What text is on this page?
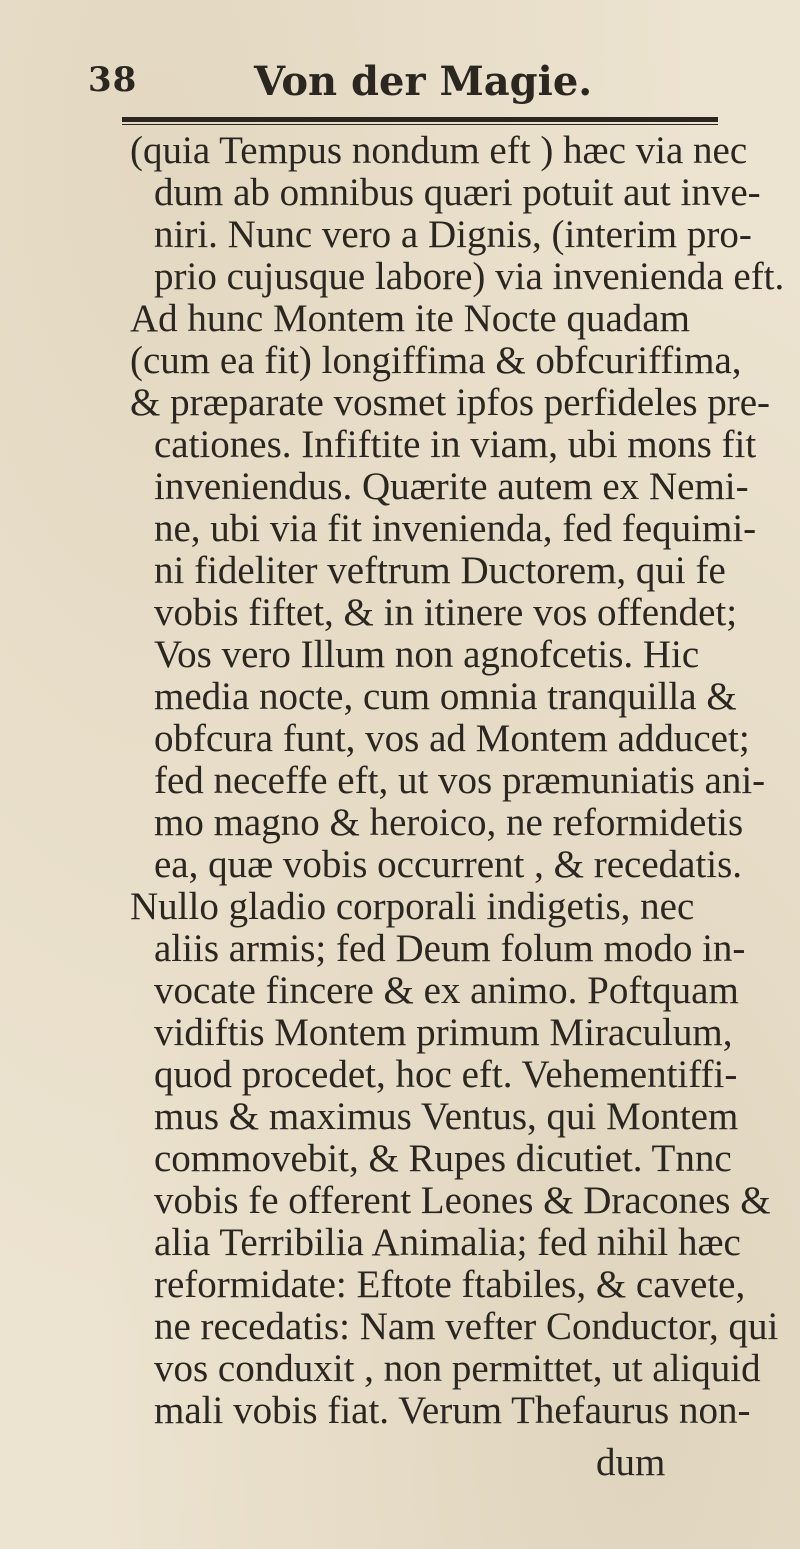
38	Von der Magie.
(quia Tempus nondum eft ) hæc via nec
dum ab omnibus quæri potuit aut inve-
niri. Nunc vero a Dignis, (interim pro-
prio cujusque labore) via invenienda eft.
Ad hunc Montem ite Nocte quadam
(cum ea fit) longiffima & obfcuriffima,
& præparate vosmet ipfos perfideles pre-
cationes. Infiftite in viam, ubi mons fit
inveniendus. Quærite autem ex Nemi-
ne, ubi via fit invenienda, fed fequimi-
ni fideliter veftrum Ductorem, qui fe
vobis fiftet, & in itinere vos offendet;
Vos vero Illum non agnofcetis. Hic
media nocte, cum omnia tranquilla &
obfcura funt, vos ad Montem adducet;
fed neceffe eft, ut vos præmuniatis ani-
mo magno & heroico, ne reformidetis
ea, quæ vobis occurrent , & recedatis.
Nullo gladio corporali indigetis, nec
aliis armis; fed Deum folum modo in-
vocate fincere & ex animo. Poftquam
vidiftis Montem primum Miraculum,
quod procedet, hoc eft. Vehementiffi-
mus & maximus Ventus, qui Montem
commovebit, & Rupes dicutiet. Tnnc
vobis fe offerent Leones & Dracones &
alia Terribilia Animalia; fed nihil hæc
reformidate: Eftote ftabiles, & cavete,
ne recedatis: Nam vefter Conductor, qui
vos conduxit , non permittet, ut aliquid
mali vobis fiat. Verum Thefaurus non-
dum
